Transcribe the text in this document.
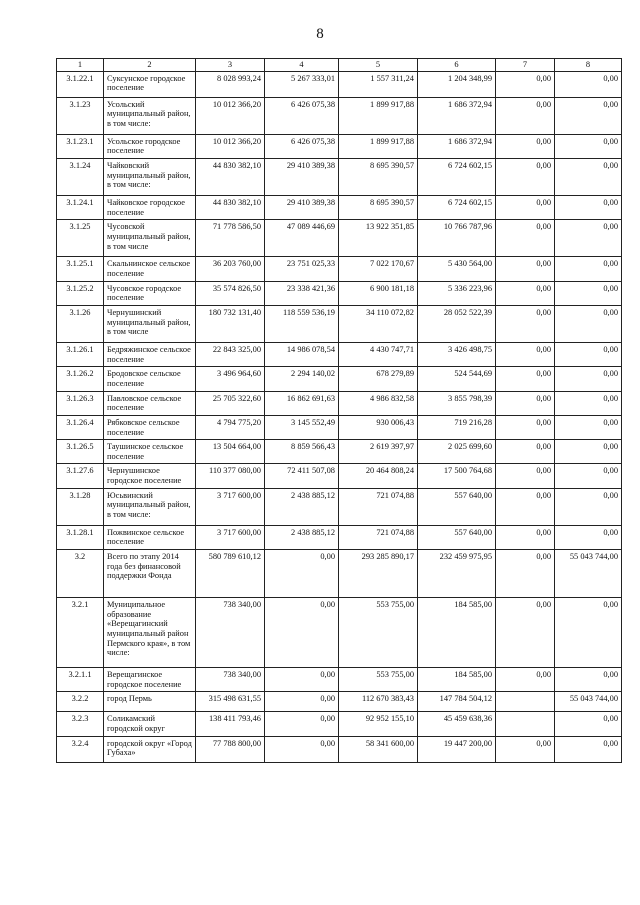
8
1	2	3	4	5	6	7	8
3.1.22.1	Суксунское городское поселение	8 028 993,24	5 267 333,01	1 557 311,24	1 204 348,99	0,00	0,00
3.1.23	Усольский муниципальный район, в том числе:	10 012 366,20	6 426 075,38	1 899 917,88	1 686 372,94	0,00	0,00
3.1.23.1	Усольское городское поселение	10 012 366,20	6 426 075,38	1 899 917,88	1 686 372,94	0,00	0,00
3.1.24	Чайковский муниципальный район, в том числе:	44 830 382,10	29 410 389,38	8 695 390,57	6 724 602,15	0,00	0,00
3.1.24.1	Чайковское городское поселение	44 830 382,10	29 410 389,38	8 695 390,57	6 724 602,15	0,00	0,00
3.1.25	Чусовской муниципальный район, в том числе	71 778 586,50	47 089 446,69	13 922 351,85	10 766 787,96	0,00	0,00
3.1.25.1	Скальнинское сельское поселение	36 203 760,00	23 751 025,33	7 022 170,67	5 430 564,00	0,00	0,00
3.1.25.2	Чусовское городское поселение	35 574 826,50	23 338 421,36	6 900 181,18	5 336 223,96	0,00	0,00
3.1.26	Чернушинский муниципальный район, в том числе	180 732 131,40	118 559 536,19	34 110 072,82	28 052 522,39	0,00	0,00
3.1.26.1	Бедряжинское сельское поселение	22 843 325,00	14 986 078,54	4 430 747,71	3 426 498,75	0,00	0,00
3.1.26.2	Бродовское сельское поселение	3 496 964,60	2 294 140,02	678 279,89	524 544,69	0,00	0,00
3.1.26.3	Павловское сельское поселение	25 705 322,60	16 862 691,63	4 986 832,58	3 855 798,39	0,00	0,00
3.1.26.4	Рябковское сельское поселение	4 794 775,20	3 145 552,49	930 006,43	719 216,28	0,00	0,00
3.1.26.5	Таушинское сельское поселение	13 504 664,00	8 859 566,43	2 619 397,97	2 025 699,60	0,00	0,00
3.1.27.6	Чернушинское городское поселение	110 377 080,00	72 411 507,08	20 464 808,24	17 500 764,68	0,00	0,00
3.1.28	Юсьвинский муниципальный район, в том числе:	3 717 600,00	2 438 885,12	721 074,88	557 640,00	0,00	0,00
3.1.28.1	Пожвинское сельское поселение	3 717 600,00	2 438 885,12	721 074,88	557 640,00	0,00	0,00
3.2	Всего по этапу 2014 года без финансовой поддержки Фонда	580 789 610,12	0,00	293 285 890,17	232 459 975,95	0,00	55 043 744,00
3.2.1	Муниципальное образование «Верещагинский муниципальный район Пермского края», в том числе:	738 340,00	0,00	553 755,00	184 585,00	0,00	0,00
3.2.1.1	Верещагинское городское поселение	738 340,00	0,00	553 755,00	184 585,00	0,00	0,00
3.2.2	город Пермь	315 498 631,55	0,00	112 670 383,43	147 784 504,12		55 043 744,00
3.2.3	Соликамский городской округ	138 411 793,46	0,00	92 952 155,10	45 459 638,36		0,00
3.2.4	городской округ «Город Губаха»	77 788 800,00	0,00	58 341 600,00	19 447 200,00	0,00	0,00
